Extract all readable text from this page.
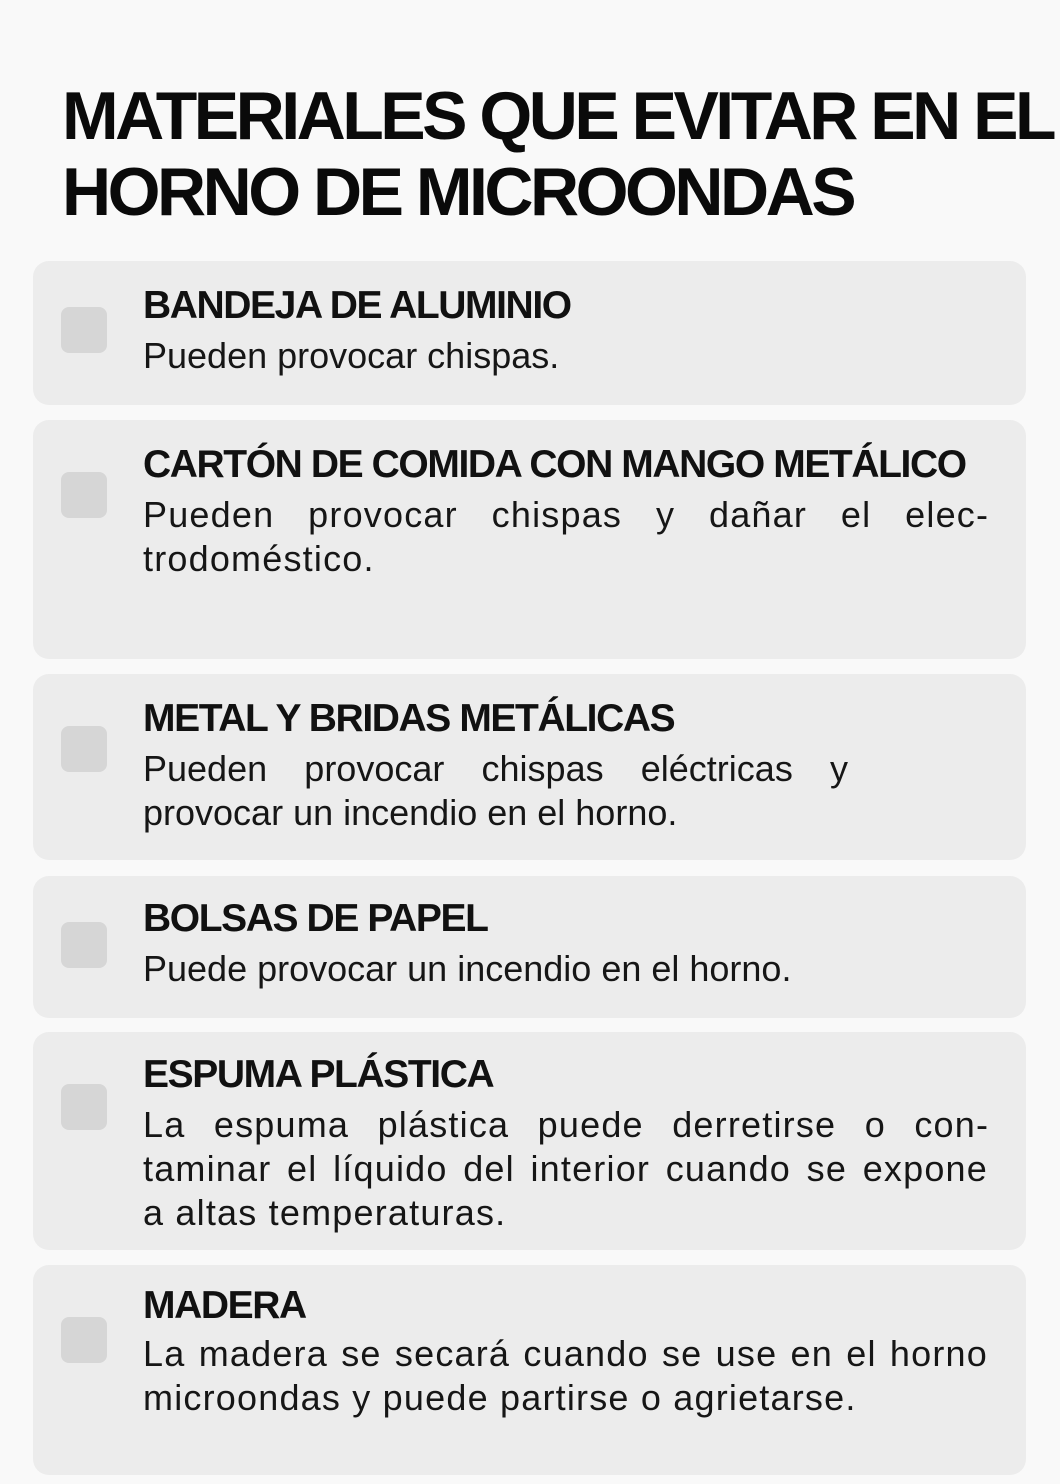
MATERIALES QUE EVITAR EN EL
HORNO DE MICROONDAS

BANDEJA DE ALUMINIO

Pueden provocar chispas.

CARTÓN DE COMIDA CON MANGO METÁLICO

Pueden provocar chispas y dañar el electrodoméstico.

METAL Y BRIDAS METÁLICAS

Pueden provocar chispas eléctricas y provocar un incendio en el horno.

BOLSAS DE PAPEL

Puede provocar un incendio en el horno.

ESPUMA PLÁSTICA

La espuma plástica puede derretirse o contaminar el líquido del interior cuando se expone a altas temperaturas.

MADERA

La madera se secará cuando se use en el horno microondas y puede partirse o agrietarse.
